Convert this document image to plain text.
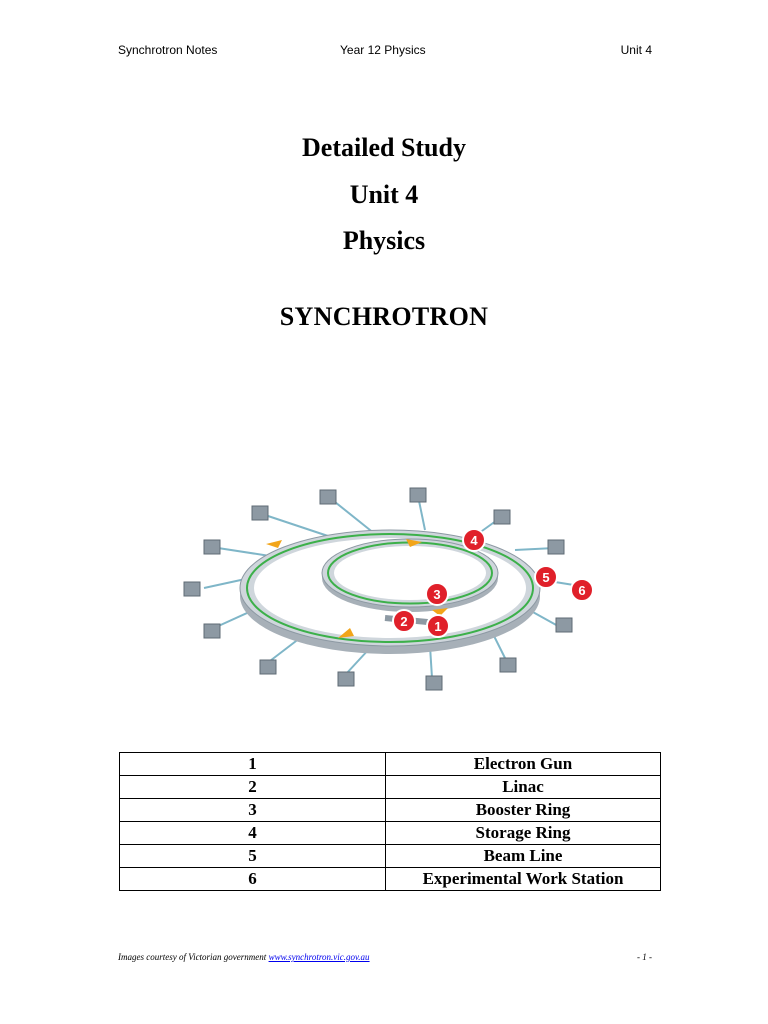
Synchrotron Notes	Year 12 Physics	Unit 4
Detailed Study
Unit 4
Physics
SYNCHROTRON
1
2
3
4
5
6
1	Electron Gun
2	Linac
3	Booster Ring
4	Storage Ring
5	Beam Line
6	Experimental Work Station
Images courtesy of Victorian government www.synchrotron.vic.gov.au	- 1 -
